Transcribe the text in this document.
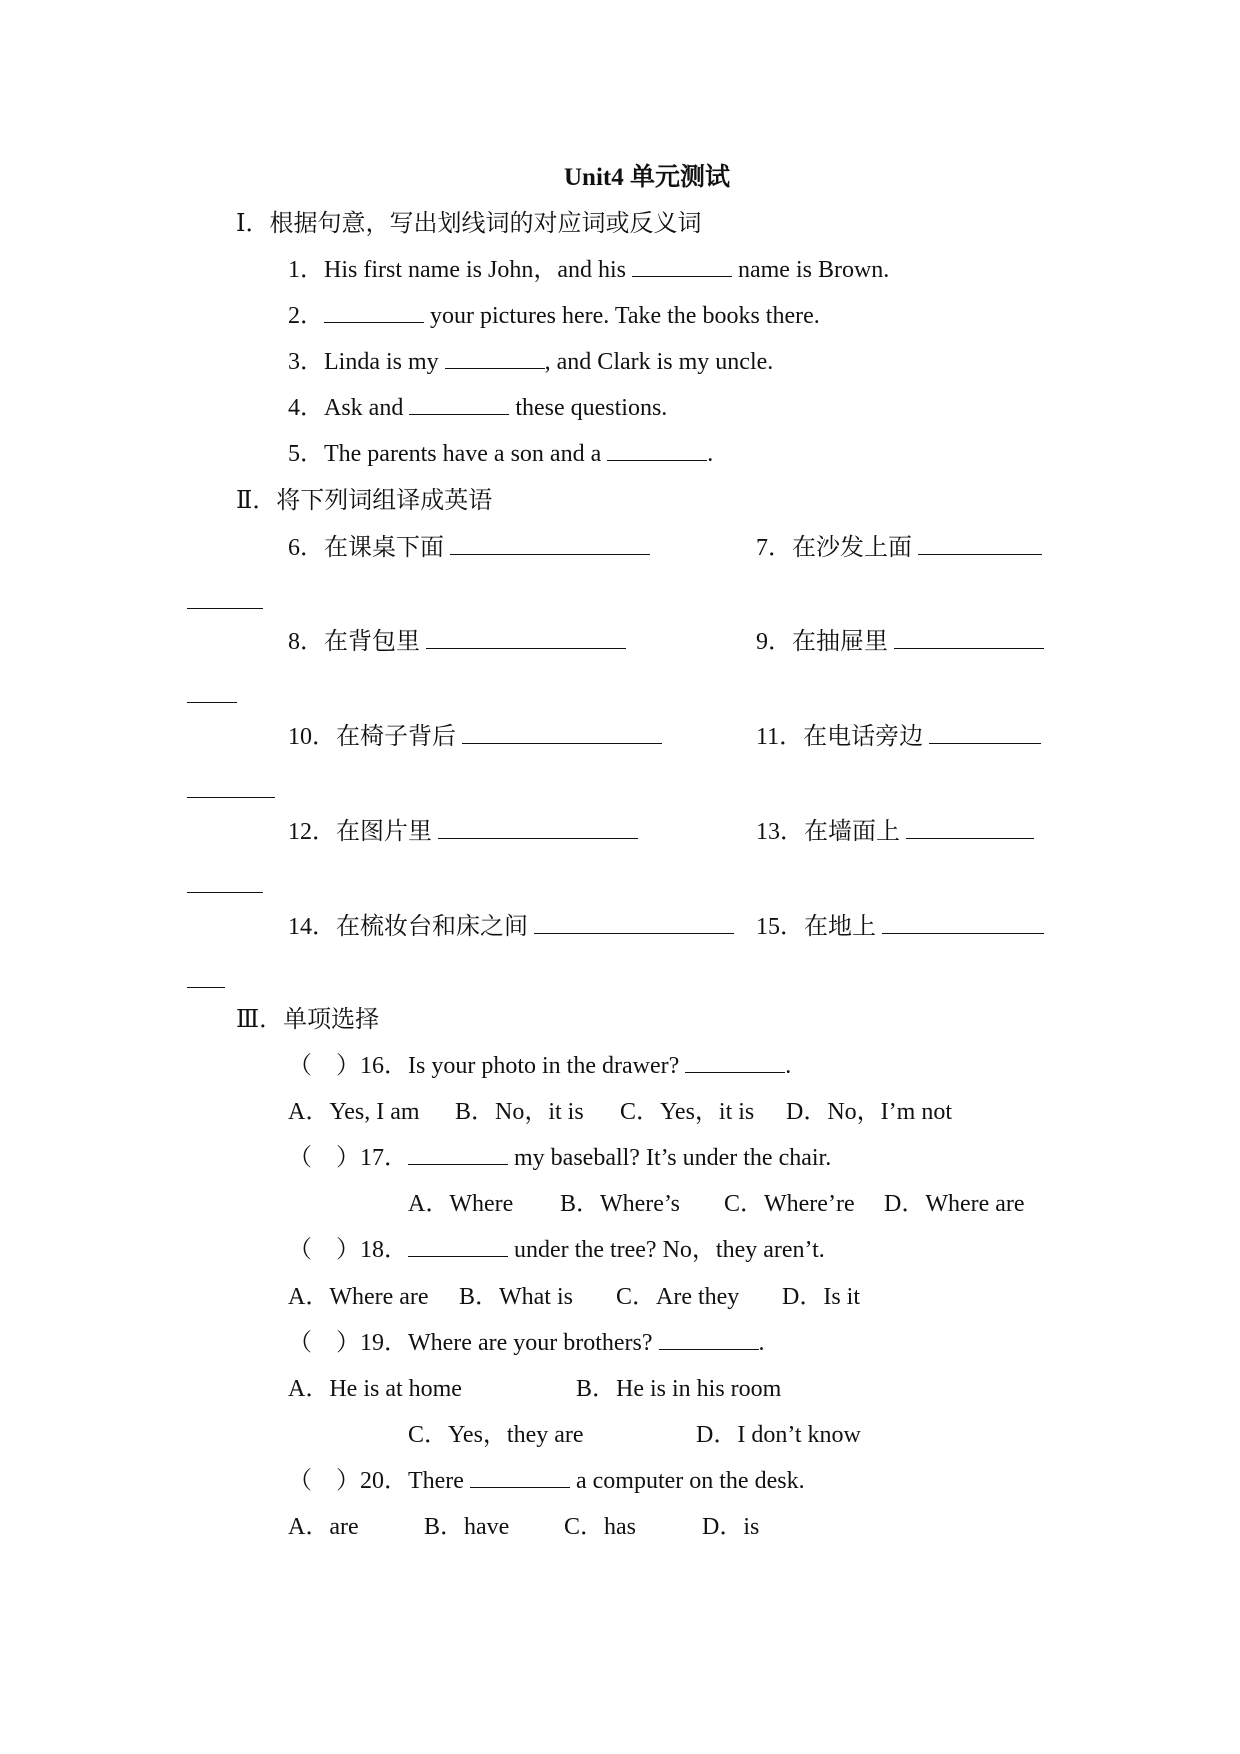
Unit4 单元测试
Ⅰ．根据句意，写出划线词的对应词或反义词
1．His first name is John，and his	name is Brown.
2．	your pictures here. Take the books there.
3．Linda is my	, and Clark is my uncle.
4．Ask and	these questions.
5．The parents have a son and a	.
Ⅱ．将下列词组译成英语
6．在课桌下面	7．在沙发上面
8．在背包里	9．在抽屉里
10．在椅子背后	11．在电话旁边
12．在图片里	13．在墙面上
14．在梳妆台和床之间	15．在地上
Ⅲ．单项选择
（　）16．Is your photo in the drawer?	.
A．Yes, I am B．No，it is C．Yes，it is D．No，I’m not
（　）17．	my baseball? It’s under the chair.
A．Where B．Where’s C．Where’re D．Where are
（　）18．	under the tree? No，they aren’t.
A．Where are B．What is C．Are they D．Is it
（　）19．Where are your brothers?	.
A．He is at home	B．He is in his room
C．Yes，they are	D．I don’t know
（　）20．There	a computer on the desk.
A．are	B．have C．has	D．is
